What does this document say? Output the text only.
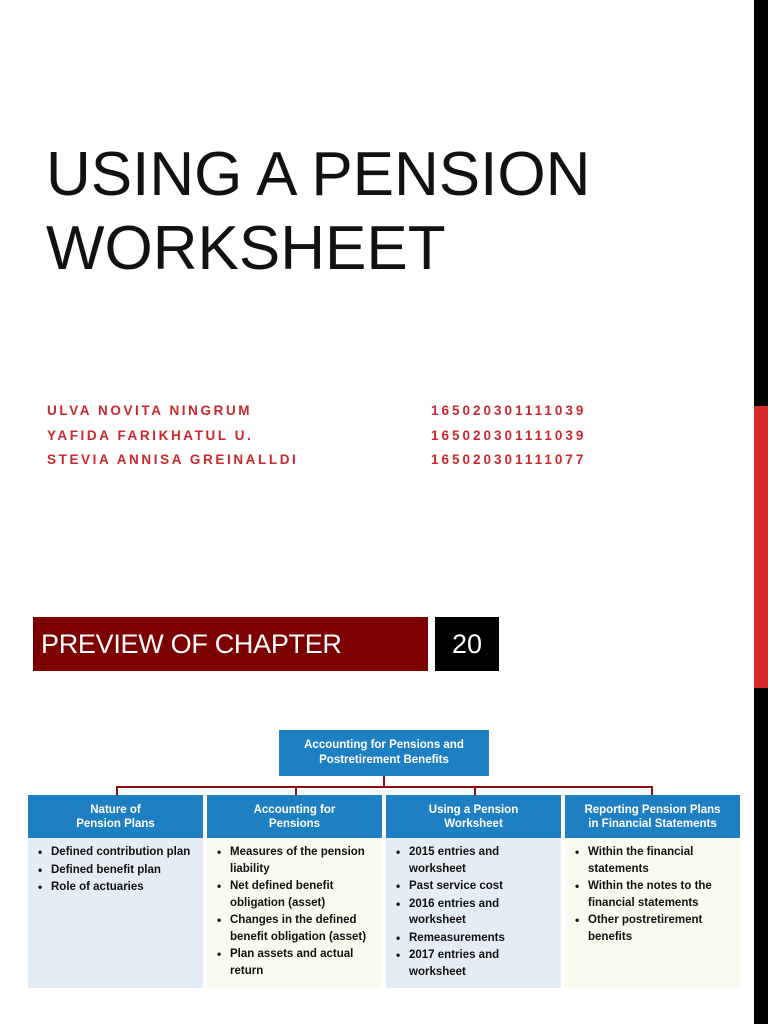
USING A PENSION
WORKSHEET
ULVA NOVITA NINGRUM	165020301111039
YAFIDA FARIKHATUL U.	165020301111039
STEVIA ANNISA GREINALLDI	165020301111077
PREVIEW OF CHAPTER	20
Accounting for Pensions and
Postretirement Benefits
Nature of
Pension Plans
• Defined contribution plan
• Defined benefit plan
• Role of actuaries
Accounting for
Pensions
• Measures of the pension liability
• Net defined benefit obligation (asset)
• Changes in the defined benefit obligation (asset)
• Plan assets and actual return
Using a Pension
Worksheet
• 2015 entries and worksheet
• Past service cost
• 2016 entries and worksheet
• Remeasurements
• 2017 entries and worksheet
Reporting Pension Plans
in Financial Statements
• Within the financial statements
• Within the notes to the financial statements
• Other postretirement benefits
